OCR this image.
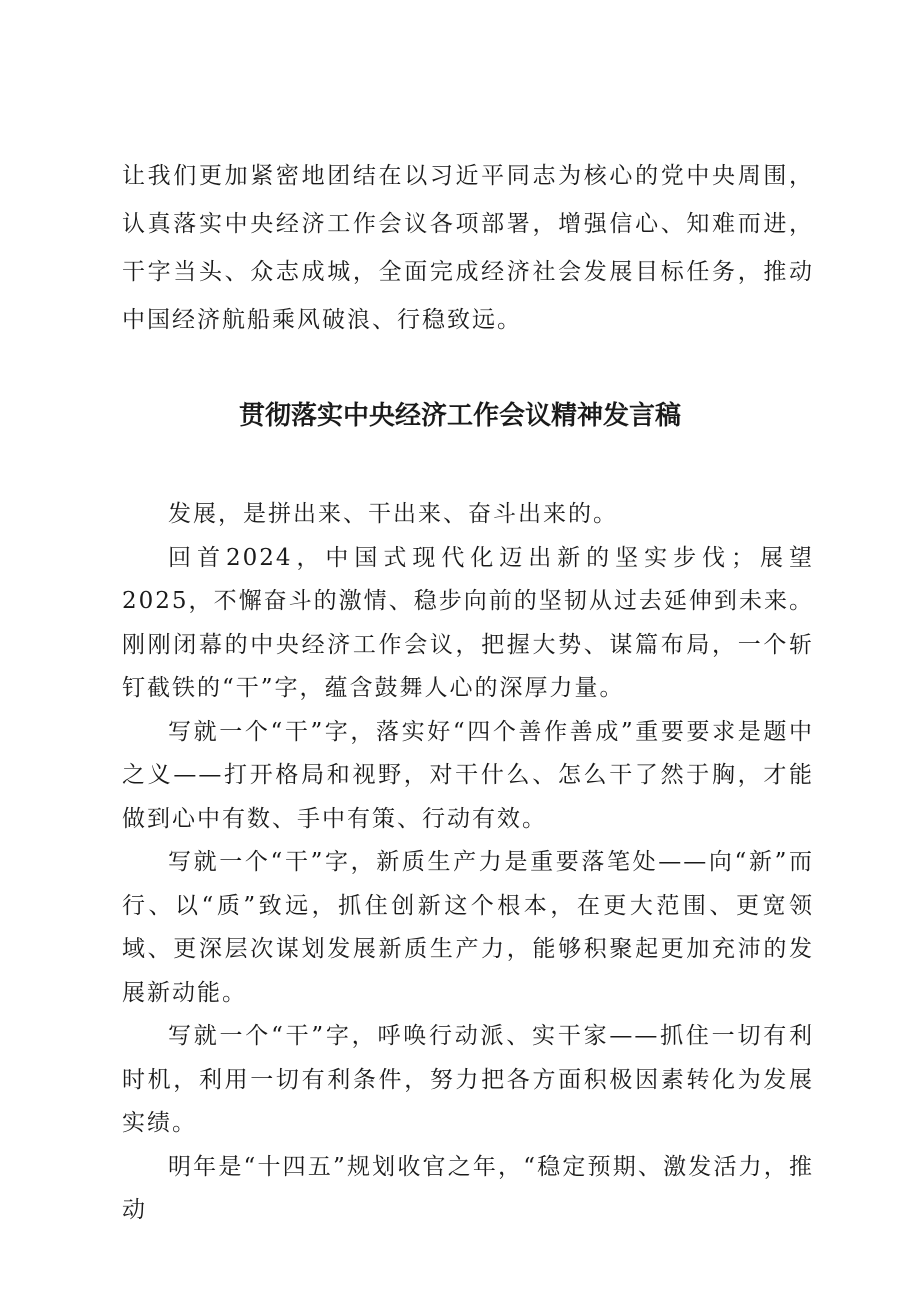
让我们更加紧密地团结在以习近平同志为核心的党中央周围，认真落实中央经济工作会议各项部署，增强信心、知难而进，干字当头、众志成城，全面完成经济社会发展目标任务，推动中国经济航船乘风破浪、行稳致远。

贯彻落实中央经济工作会议精神发言稿

发展，是拼出来、干出来、奋斗出来的。

回首2024，中国式现代化迈出新的坚实步伐；展望2025，不懈奋斗的激情、稳步向前的坚韧从过去延伸到未来。刚刚闭幕的中央经济工作会议，把握大势、谋篇布局，一个斩钉截铁的“干”字，蕴含鼓舞人心的深厚力量。

写就一个“干”字，落实好“四个善作善成”重要要求是题中之义——打开格局和视野，对干什么、怎么干了然于胸，才能做到心中有数、手中有策、行动有效。

写就一个“干”字，新质生产力是重要落笔处——向“新”而行、以“质”致远，抓住创新这个根本，在更大范围、更宽领域、更深层次谋划发展新质生产力，能够积聚起更加充沛的发展新动能。

写就一个“干”字，呼唤行动派、实干家——抓住一切有利时机，利用一切有利条件，努力把各方面积极因素转化为发展实绩。

明年是“十四五”规划收官之年，“稳定预期、激发活力，推动
